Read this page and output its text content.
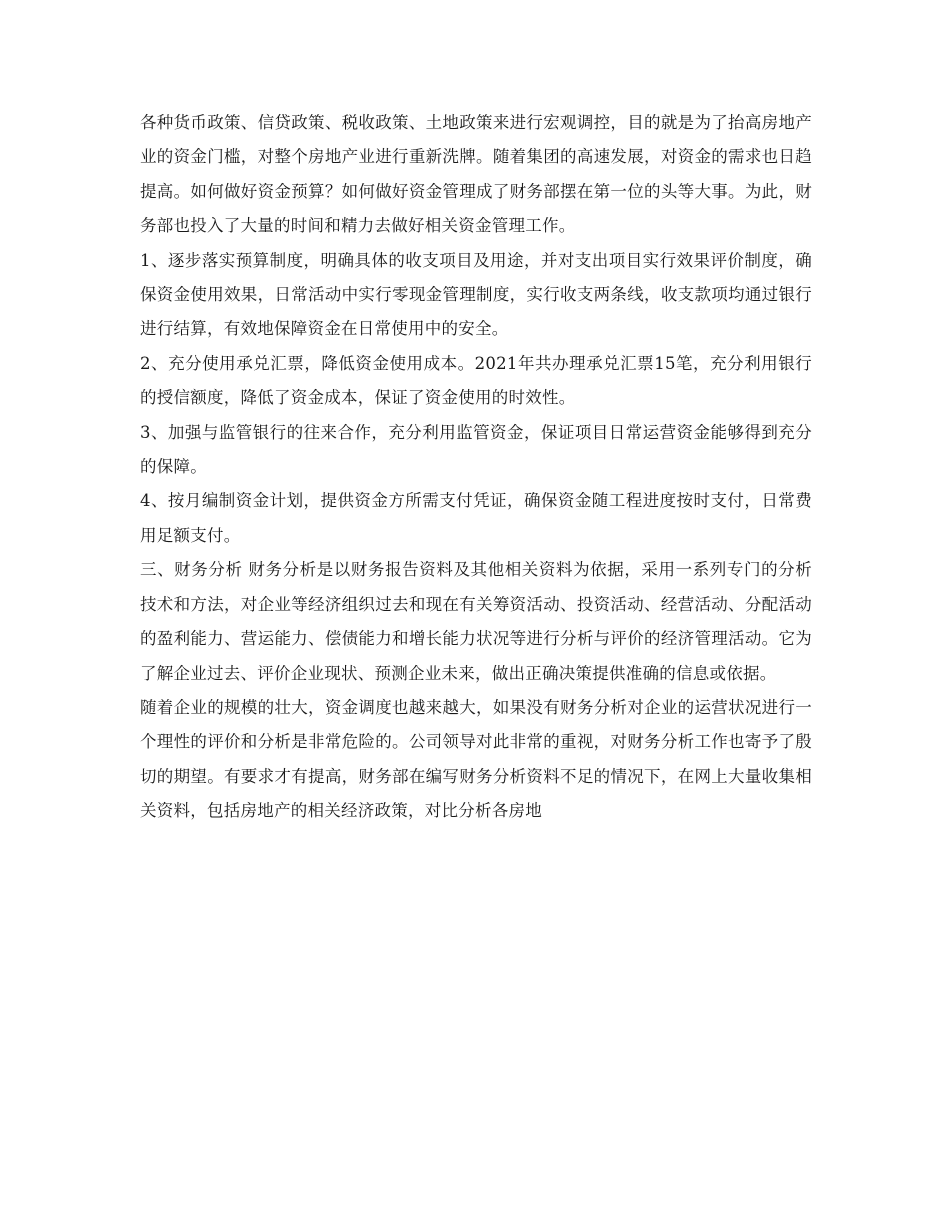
各种货币政策、信贷政策、税收政策、土地政策来进行宏观调控，目的就是为了抬高房地产业的资金门槛，对整个房地产业进行重新洗牌。随着集团的高速发展，对资金的需求也日趋提高。如何做好资金预算？如何做好资金管理成了财务部摆在第一位的头等大事。为此，财务部也投入了大量的时间和精力去做好相关资金管理工作。

1、逐步落实预算制度，明确具体的收支项目及用途，并对支出项目实行效果评价制度，确保资金使用效果，日常活动中实行零现金管理制度，实行收支两条线，收支款项均通过银行进行结算，有效地保障资金在日常使用中的安全。

2、充分使用承兑汇票，降低资金使用成本。2021年共办理承兑汇票15笔，充分利用银行的授信额度，降低了资金成本，保证了资金使用的时效性。

3、加强与监管银行的往来合作，充分利用监管资金，保证项目日常运营资金能够得到充分的保障。

4、按月编制资金计划，提供资金方所需支付凭证，确保资金随工程进度按时支付，日常费用足额支付。

三、财务分析 财务分析是以财务报告资料及其他相关资料为依据，采用一系列专门的分析技术和方法，对企业等经济组织过去和现在有关筹资活动、投资活动、经营活动、分配活动的盈利能力、营运能力、偿债能力和增长能力状况等进行分析与评价的经济管理活动。它为了解企业过去、评价企业现状、预测企业未来，做出正确决策提供准确的信息或依据。

随着企业的规模的壮大，资金调度也越来越大，如果没有财务分析对企业的运营状况进行一个理性的评价和分析是非常危险的。公司领导对此非常的重视，对财务分析工作也寄予了殷切的期望。有要求才有提高，财务部在编写财务分析资料不足的情况下，在网上大量收集相关资料，包括房地产的相关经济政策，对比分析各房地
